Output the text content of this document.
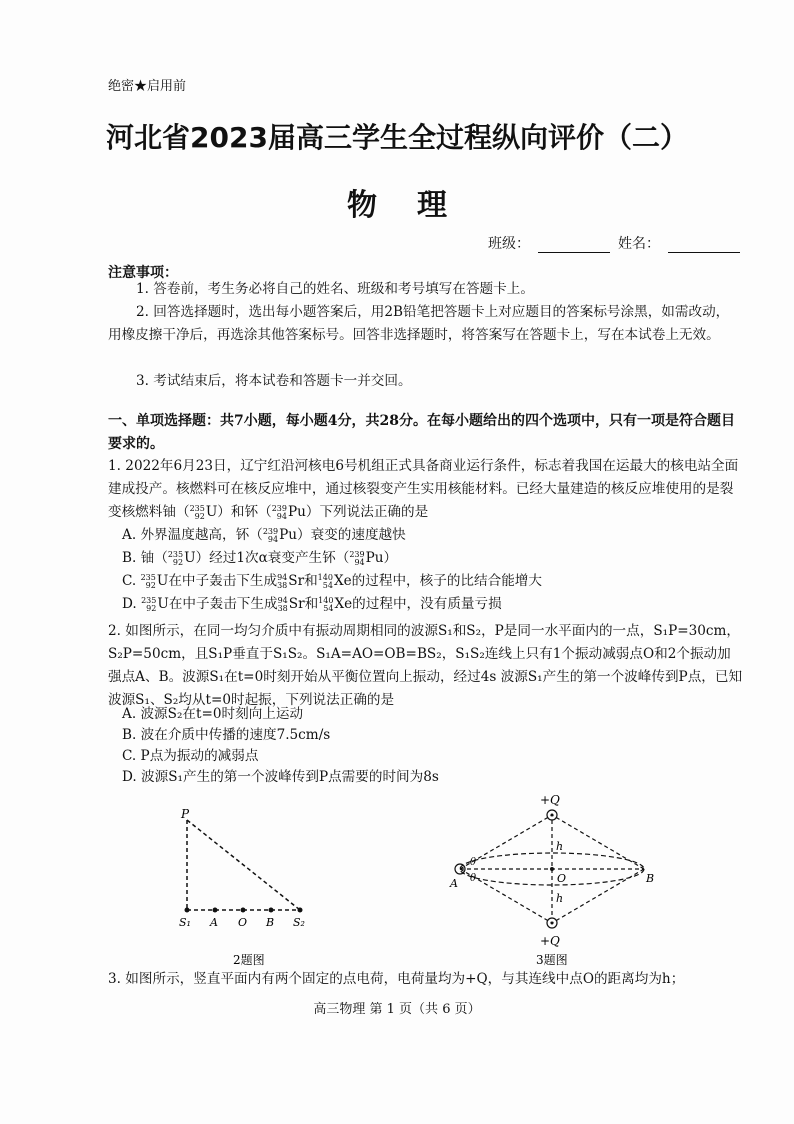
绝密★启用前
河北省2023届高三学生全过程纵向评价（二）
物理
班级：	姓名：
注意事项：
1. 答卷前，考生务必将自己的姓名、班级和考号填写在答题卡上。
2. 回答选择题时，选出每小题答案后，用2B铅笔把答题卡上对应题目的答案标号涂黑，如需改动，用橡皮擦干净后，再选涂其他答案标号。回答非选择题时，将答案写在答题卡上，写在本试卷上无效。
3. 考试结束后，将本试卷和答题卡一并交回。
一、单项选择题：共7小题，每小题4分，共28分。在每小题给出的四个选项中，只有一项是符合题目要求的。
1. 2022年6月23日，辽宁红沿河核电6号机组正式具备商业运行条件，标志着我国在运最大的核电站全面建成投产。核燃料可在核反应堆中，通过核裂变产生实用核能材料。已经大量建造的核反应堆使用的是裂变核燃料铀（ 235
92 U）和钚（ 239
94 Pu）下列说法正确的是
A. 外界温度越高，钚（ 239
94 Pu）衰变的速度越快
B. 铀（ 235
92 U）经过1次α衰变产生钚（ 239
94 Pu）
C. 235
92 U在中子轰击下生成 94
38 Sr和 140
54 Xe的过程中，核子的比结合能增大
D. 235
92 U在中子轰击下生成 94
38 Sr和 140
54 Xe的过程中，没有质量亏损
2. 如图所示，在同一均匀介质中有振动周期相同的波源S₁和S₂，P是同一水平面内的一点，S₁P=30cm，S₂P=50cm，且S₁P垂直于S₁S₂。S₁A=AO=OB=BS₂，S₁S₂连线上只有1个振动减弱点O和2个振动加强点A、B。波源S₁在t=0时刻开始从平衡位置向上振动，经过4s 波源S₁产生的第一个波峰传到P点，已知波源S₁、S₂均从t=0时起振，下列说法正确的是
A. 波源S₂在t=0时刻向上运动
B. 波在介质中传播的速度7.5cm/s
C. P点为振动的减弱点
D. 波源S₁产生的第一个波峰传到P点需要的时间为8s
P
S₁ A O B S₂
2题图
+Q
+Q
A	O	B
h
h
θ
θ
3题图
3. 如图所示，竖直平面内有两个固定的点电荷，电荷量均为+Q，与其连线中点O的距离均为h；
高三物理 第 1 页（共 6 页）
